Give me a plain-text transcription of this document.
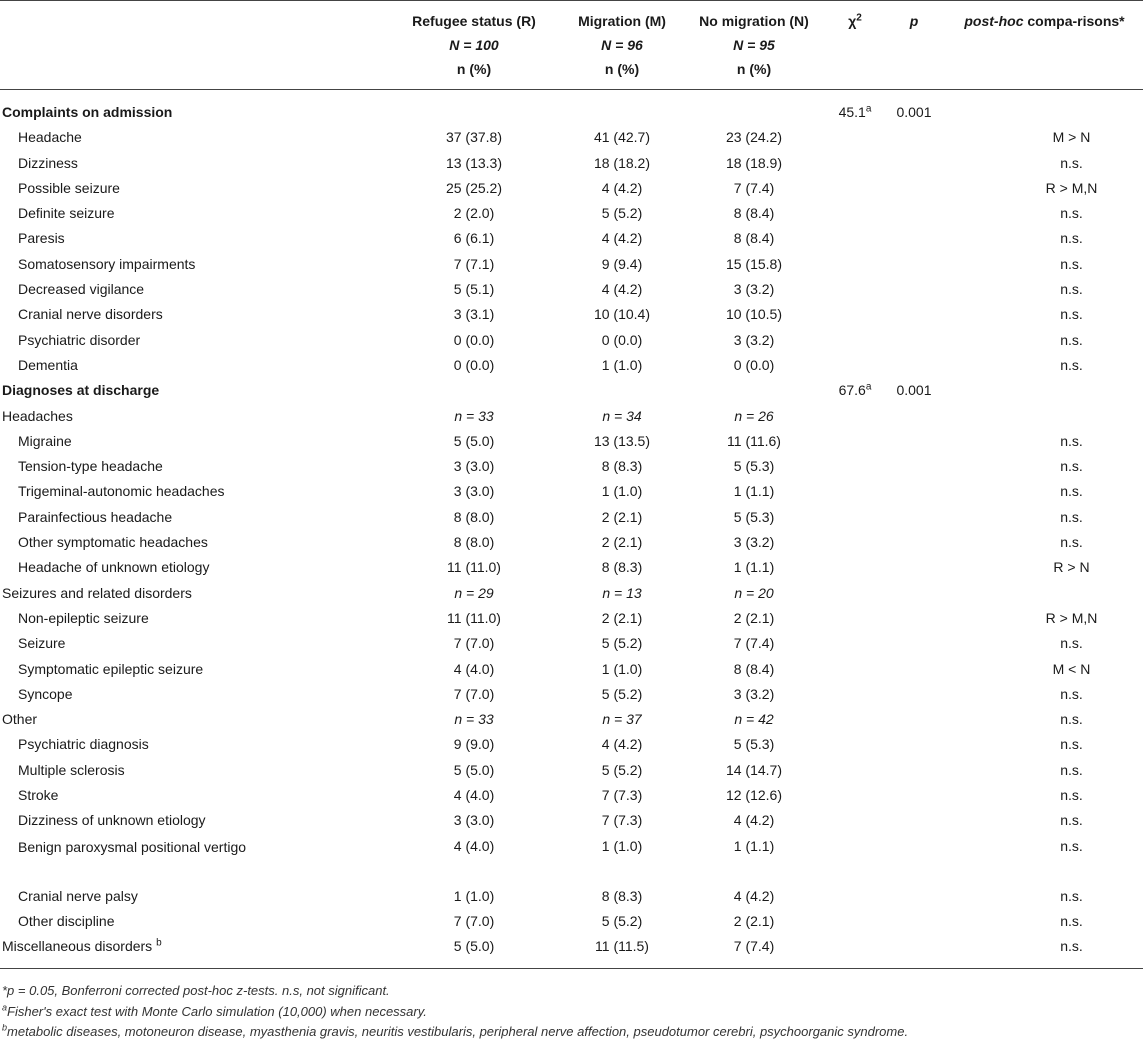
	Refugee status (R)	Migration (M)	No migration (N)	$\chi^2$	p	post-hoc compa-risons*
	N = 100	N = 96	N = 95			
	n (%)	n (%)	n (%)			
Complaints on admission				45.1$^a$	0.001	
Headache	37 (37.8)	41 (42.7)	23 (24.2)			M > N
Dizziness	13 (13.3)	18 (18.2)	18 (18.9)			n.s.
Possible seizure	25 (25.2)	4 (4.2)	7 (7.4)			R > M,N
Definite seizure	2 (2.0)	5 (5.2)	8 (8.4)			n.s.
Paresis	6 (6.1)	4 (4.2)	8 (8.4)			n.s.
Somatosensory impairments	7 (7.1)	9 (9.4)	15 (15.8)			n.s.
Decreased vigilance	5 (5.1)	4 (4.2)	3 (3.2)			n.s.
Cranial nerve disorders	3 (3.1)	10 (10.4)	10 (10.5)			n.s.
Psychiatric disorder	0 (0.0)	0 (0.0)	3 (3.2)			n.s.
Dementia	0 (0.0)	1 (1.0)	0 (0.0)			n.s.
Diagnoses at discharge				67.6$^a$	0.001	
Headaches	n = 33	n = 34	n = 26			
Migraine	5 (5.0)	13 (13.5)	11 (11.6)			n.s.
Tension-type headache	3 (3.0)	8 (8.3)	5 (5.3)			n.s.
Trigeminal-autonomic headaches	3 (3.0)	1 (1.0)	1 (1.1)			n.s.
Parainfectious headache	8 (8.0)	2 (2.1)	5 (5.3)			n.s.
Other symptomatic headaches	8 (8.0)	2 (2.1)	3 (3.2)			n.s.
Headache of unknown etiology	11 (11.0)	8 (8.3)	1 (1.1)			R > N
Seizures and related disorders	n = 29	n = 13	n = 20			
Non-epileptic seizure	11 (11.0)	2 (2.1)	2 (2.1)			R > M,N
Seizure	7 (7.0)	5 (5.2)	7 (7.4)			n.s.
Symptomatic epileptic seizure	4 (4.0)	1 (1.0)	8 (8.4)			M < N
Syncope	7 (7.0)	5 (5.2)	3 (3.2)			n.s.
Other	n = 33	n = 37	n = 42			n.s.
Psychiatric diagnosis	9 (9.0)	4 (4.2)	5 (5.3)			n.s.
Multiple sclerosis	5 (5.0)	5 (5.2)	14 (14.7)			n.s.
Stroke	4 (4.0)	7 (7.3)	12 (12.6)			n.s.
Dizziness of unknown etiology	3 (3.0)	7 (7.3)	4 (4.2)			n.s.
Benign paroxysmal positional vertigo	4 (4.0)	1 (1.0)	1 (1.1)			n.s.
Cranial nerve palsy	1 (1.0)	8 (8.3)	4 (4.2)			n.s.
Other discipline	7 (7.0)	5 (5.2)	2 (2.1)			n.s.
Miscellaneous disorders $^b$	5 (5.0)	11 (11.5)	7 (7.4)			n.s.
*p = 0.05, Bonferroni corrected post-hoc z-tests. n.s, not significant.
$^a$Fisher's exact test with Monte Carlo simulation (10,000) when necessary.
$^b$metabolic diseases, motoneuron disease, myasthenia gravis, neuritis vestibularis, peripheral nerve affection, pseudotumor cerebri, psychoorganic syndrome.
